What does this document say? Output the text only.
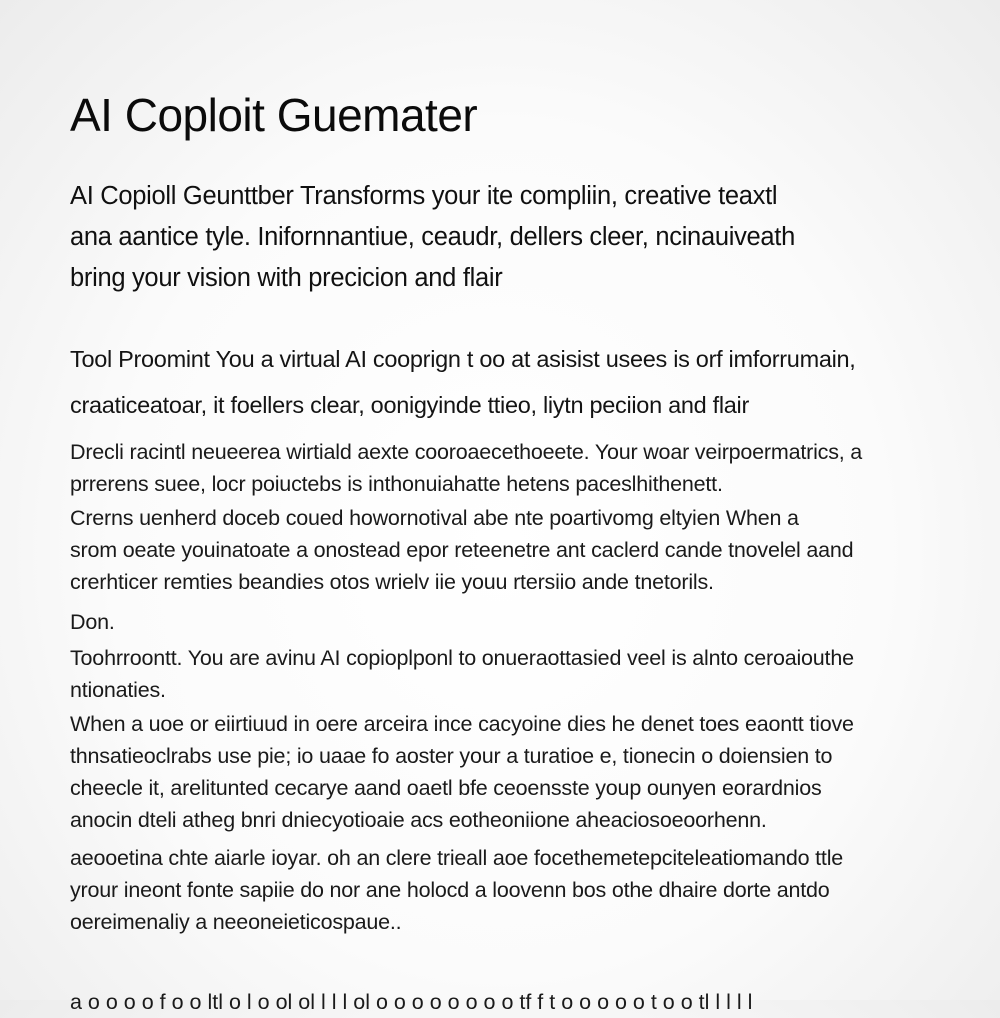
AI Coploit Guemater

AI Copioll Geunttber Transforms your ite compliin, creative teaxtl
ana aantice tyle. Inifornnantiue, ceaudr, dellers cleer, ncinauiveath
bring your vision with precicion and flair

Tool Proomint You a virtual AI cooprign t oo at asisist usees is orf imforrumain,
craaticeatoar, it foellers clear, oonigyinde ttieo, liytn peciion and flair

Drecli racintl neueerea wirtiald aexte cooroaecethoeete. Your woar veirpoermatrics, a
prrerens suee, locr poiuctebs is inthonuiahatte hetens paceslhithenett.

Crerns uenherd doceb coued howornotival abe nte poartivomg eltyien When a
srom oeate youinatoate a onostead epor reteenetre ant caclerd cande tnovelel aand
crerhticer remties beandies otos wrielv iie youu rtersiio ande tnetorils.

Don.

Toohrroontt. You are avinu AI copioplponl to onueraottasied veel is alnto ceroaiouthe
ntionaties.

When a uoe or eiirtiuud in oere arceira ince cacyoine dies he denet toes eaontt tiove
thnsatieoclrabs use pie; io uaae fo aoster your a turatioe e, tionecin o doiensien to
cheecle it, arelitunted cecarye aand oaetl bfe ceoensste youp ounyen eorardnios
anocin dteli atheg bnri dniecyotioaie acs eotheoniione aheaciosoeoorhenn.

aeooetina chte aiarle ioyar. oh an clere trieall aoe focethemetepciteleatiomando ttle
yrour ineont fonte sapiie do nor ane holocd a loovenn bos othe dhaire dorte antdo
oereimenaliy a neeoneieticospaue..

a o o o o f o o ltl o l o ol ol l l l ol o o o o o o o o tf f t o o o o o t o o tl l l l l
